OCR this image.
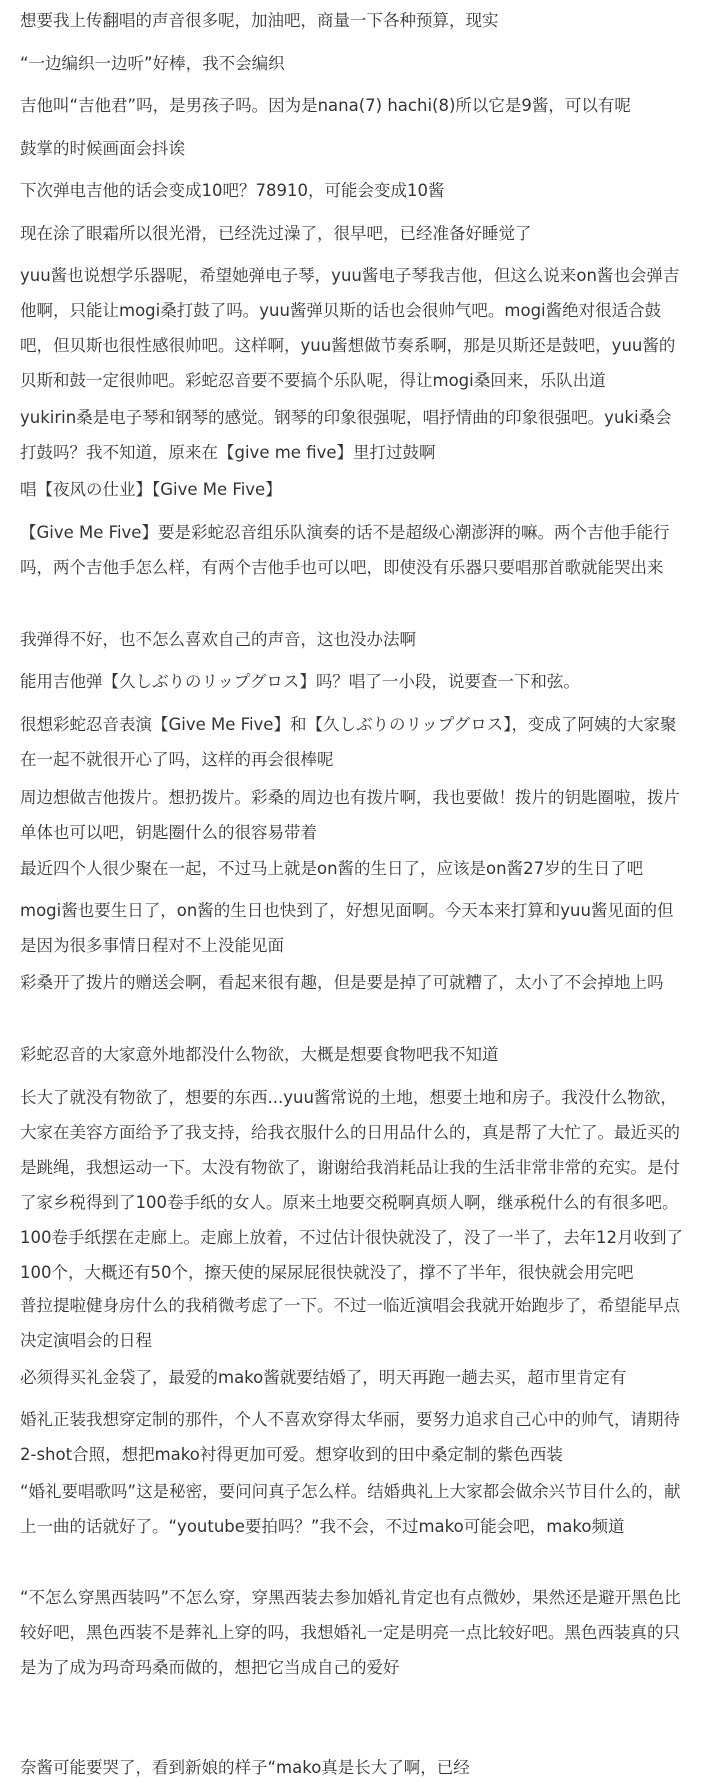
想要我上传翻唱的声音很多呢，加油吧，商量一下各种预算，现实

“一边编织一边听”好棒，我不会编织

吉他叫“吉他君”吗，是男孩子吗。因为是nana(7) hachi(8)所以它是9酱，可以有呢

鼓掌的时候画面会抖诶

下次弹电吉他的话会变成10吧？78910，可能会变成10酱

现在涂了眼霜所以很光滑，已经洗过澡了，很早吧，已经准备好睡觉了

yuu酱也说想学乐器呢，希望她弹电子琴，yuu酱电子琴我吉他，但这么说来on酱也会弹吉他啊，只能让mogi桑打鼓了吗。yuu酱弹贝斯的话也会很帅气吧。mogi酱绝对很适合鼓吧，但贝斯也很性感很帅吧。这样啊，yuu酱想做节奏系啊，那是贝斯还是鼓吧，yuu酱的贝斯和鼓一定很帅吧。彩蛇忍音要不要搞个乐队呢，得让mogi桑回来，乐队出道

yukirin桑是电子琴和钢琴的感觉。钢琴的印象很强呢，唱抒情曲的印象很强吧。yuki桑会打鼓吗？我不知道，原来在【give me five】里打过鼓啊

唱【夜风の仕业】【Give Me Five】

【Give Me Five】要是彩蛇忍音组乐队演奏的话不是超级心潮澎湃的嘛。两个吉他手能行吗，两个吉他手怎么样，有两个吉他手也可以吧，即使没有乐器只要唱那首歌就能哭出来

我弹得不好，也不怎么喜欢自己的声音，这也没办法啊

能用吉他弹【久しぶりのリップグロス】吗？唱了一小段，说要查一下和弦。

很想彩蛇忍音表演【Give Me Five】和【久しぶりのリップグロス】，变成了阿姨的大家聚在一起不就很开心了吗，这样的再会很棒呢

周边想做吉他拨片。想扔拨片。彩桑的周边也有拨片啊，我也要做！拨片的钥匙圈啦，拨片单体也可以吧，钥匙圈什么的很容易带着

最近四个人很少聚在一起，不过马上就是on酱的生日了，应该是on酱27岁的生日了吧

mogi酱也要生日了，on酱的生日也快到了，好想见面啊。今天本来打算和yuu酱见面的但是因为很多事情日程对不上没能见面

彩桑开了拨片的赠送会啊，看起来很有趣，但是要是掉了可就糟了，太小了不会掉地上吗

彩蛇忍音的大家意外地都没什么物欲，大概是想要食物吧我不知道

长大了就没有物欲了，想要的东西...yuu酱常说的土地，想要土地和房子。我没什么物欲，大家在美容方面给予了我支持，给我衣服什么的日用品什么的，真是帮了大忙了。最近买的是跳绳，我想运动一下。太没有物欲了，谢谢给我消耗品让我的生活非常非常的充实。是付了家乡税得到了100卷手纸的女人。原来土地要交税啊真烦人啊，继承税什么的有很多吧。100卷手纸摆在走廊上。走廊上放着，不过估计很快就没了，没了一半了，去年12月收到了100个，大概还有50个，擦天使的屎尿屁很快就没了，撑不了半年，很快就会用完吧

普拉提啦健身房什么的我稍微考虑了一下。不过一临近演唱会我就开始跑步了，希望能早点决定演唱会的日程

必须得买礼金袋了，最爱的mako酱就要结婚了，明天再跑一趟去买，超市里肯定有

婚礼正装我想穿定制的那件，个人不喜欢穿得太华丽，要努力追求自己心中的帅气，请期待2-shot合照，想把mako衬得更加可爱。想穿收到的田中桑定制的紫色西装

“婚礼要唱歌吗”这是秘密，要问问真子怎么样。结婚典礼上大家都会做余兴节目什么的，献上一曲的话就好了。“youtube要拍吗？”我不会，不过mako可能会吧，mako频道

“不怎么穿黑西装吗”不怎么穿，穿黑西装去参加婚礼肯定也有点微妙，果然还是避开黑色比较好吧，黑色西装不是葬礼上穿的吗，我想婚礼一定是明亮一点比较好吧。黑色西装真的只是为了成为玛奇玛桑而做的，想把它当成自己的爱好

奈酱可能要哭了，看到新娘的样子“mako真是长大了啊，已经
